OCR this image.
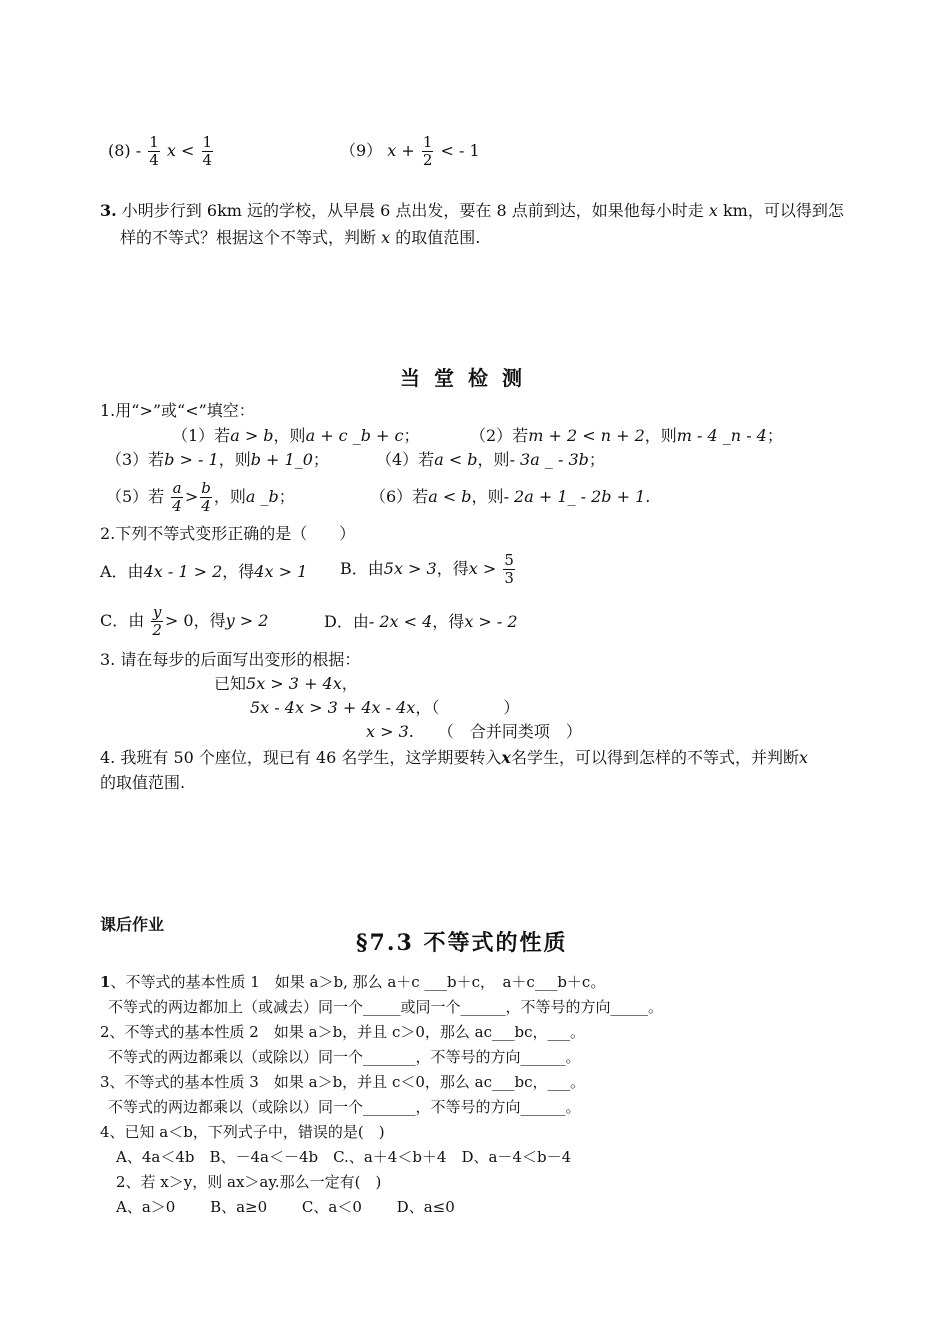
$(8) - \frac{1}{4}$ $x < \frac{1}{4}$	（9） $x + \frac{1}{2}$ < - 1
3. 小明步行到 6km 远的学校，从早晨 6 点出发，要在 8 点前到达，如果他每小时走 x km，可以得到怎
样的不等式？根据这个不等式，判断 x 的取值范围.
当堂检测
1.用“>”或“<”填空：
（1）若a > b，则a + c _b + c；	（2）若m + 2 < n + 2，则m - 4 _n - 4；
（3）若b > - 1，则b + 1_0；	（4）若a < b，则- 3a _ - 3b；
（5）若 $\frac{a}{4} > \frac{b}{4}$ ，则a _b；	（6）若a < b，则- 2a + 1_ - 2b + 1.
2.下列不等式变形正确的是（　　）
A．由4x - 1 > 2，得4x > 1 B．由5x > 3，得$x > \frac{5}{3}$
C．由 $\frac{y}{2} > 0$，得y > 2	D．由- 2x < 4，得x > - 2
3. 请在每步的后面写出变形的根据：
已知5x > 3 + 4x，
5x - 4x > 3 + 4x - 4x，（　　　　）
x > 3.　　（　合并同类项　）
4. 我班有 50 个座位，现已有 46 名学生，这学期要转入x名学生，可以得到怎样的不等式，并判断x
的取值范围.
课后作业
§7.3 不等式的性质
1、不等式的基本性质 1　如果 a＞b, 那么 a＋c ___b＋c，　a＋c___b＋c。
不等式的两边都加上（或减去）同一个_____或同一个______，不等号的方向_____。
2、不等式的基本性质 2　如果 a＞b，并且 c＞0，那么 ac___bc，___。
不等式的两边都乘以（或除以）同一个_______，不等号的方向______。
3、不等式的基本性质 3　如果 a＞b，并且 c＜0，那么 ac___bc，___。
不等式的两边都乘以（或除以）同一个_______，不等号的方向______。
4、已知 a＜b，下列式子中，错误的是(　)
A、4a＜4b　B、－4a＜－4b　C.、a＋4＜b＋4　D、a－4＜b－4
2、若 x＞y，则 ax＞ay.那么一定有(　)
A、a＞0　　 B、a≥0　　 C、a＜0　　 D、a≤0
